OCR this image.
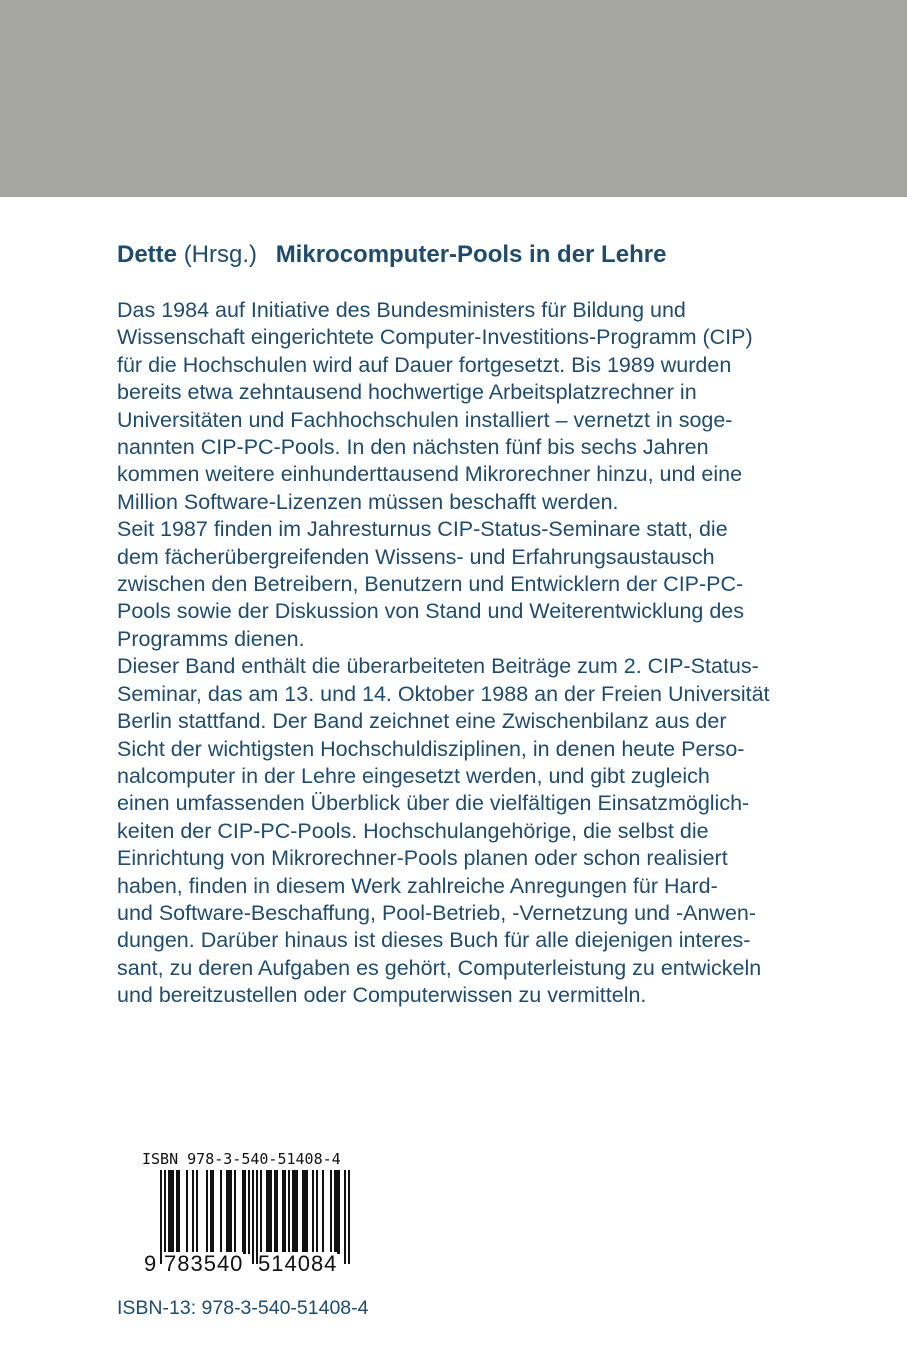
Dette (Hrsg.) Mikrocomputer-Pools in der Lehre
Das 1984 auf Initiative des Bundesministers für Bildung und
Wissenschaft eingerichtete Computer-Investitions-Programm (CIP)
für die Hochschulen wird auf Dauer fortgesetzt. Bis 1989 wurden
bereits etwa zehntausend hochwertige Arbeitsplatzrechner in
Universitäten und Fachhochschulen installiert – vernetzt in soge-
nannten CIP-PC-Pools. In den nächsten fünf bis sechs Jahren
kommen weitere einhunderttausend Mikrorechner hinzu, und eine
Million Software-Lizenzen müssen beschafft werden.
Seit 1987 finden im Jahresturnus CIP-Status-Seminare statt, die
dem fächerübergreifenden Wissens- und Erfahrungsaustausch
zwischen den Betreibern, Benutzern und Entwicklern der CIP-PC-
Pools sowie der Diskussion von Stand und Weiterentwicklung des
Programms dienen.
Dieser Band enthält die überarbeiteten Beiträge zum 2. CIP-Status-
Seminar, das am 13. und 14. Oktober 1988 an der Freien Universität
Berlin stattfand. Der Band zeichnet eine Zwischenbilanz aus der
Sicht der wichtigsten Hochschuldisziplinen, in denen heute Perso-
nalcomputer in der Lehre eingesetzt werden, und gibt zugleich
einen umfassenden Überblick über die vielfältigen Einsatzmöglich-
keiten der CIP-PC-Pools. Hochschulangehörige, die selbst die
Einrichtung von Mikrorechner-Pools planen oder schon realisiert
haben, finden in diesem Werk zahlreiche Anregungen für Hard-
und Software-Beschaffung, Pool-Betrieb, -Vernetzung und -Anwen-
dungen. Darüber hinaus ist dieses Buch für alle diejenigen interes-
sant, zu deren Aufgaben es gehört, Computerleistung zu entwickeln
und bereitzustellen oder Computerwissen zu vermitteln.
ISBN 978-3-540-51408-4
9 783540 514084
ISBN-13: 978-3-540-51408-4
